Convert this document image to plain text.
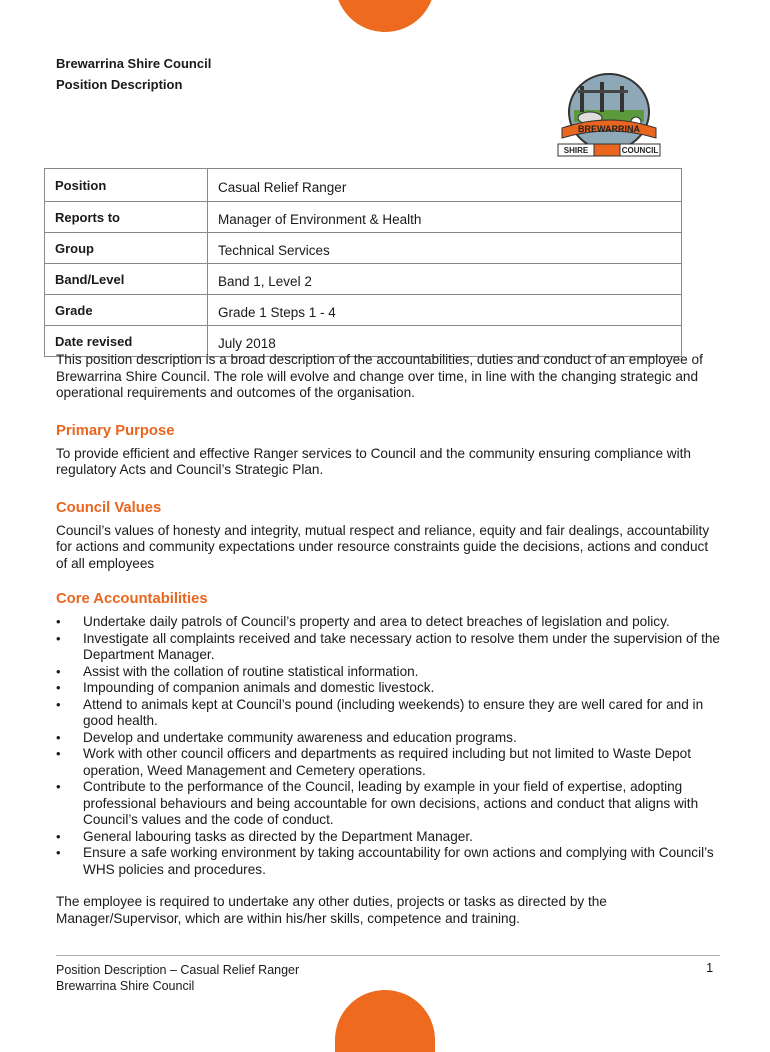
Brewarrina Shire Council
Position Description
BREWARRINA
SHIRE	COUNCIL
Position	Casual Relief Ranger
Reports to	Manager of Environment & Health
Group	Technical Services
Band/Level	Band 1, Level 2
Grade	Grade 1 Steps 1 - 4
Date revised	July 2018

This position description is a broad description of the accountabilities, duties and conduct of an employee of Brewarrina Shire Council. The role will evolve and change over time, in line with the changing strategic and operational requirements and outcomes of the organisation.

Primary Purpose

To provide efficient and effective Ranger services to Council and the community ensuring compliance with regulatory Acts and Council’s Strategic Plan.

Council Values

Council’s values of honesty and integrity, mutual respect and reliance, equity and fair dealings, accountability for actions and community expectations under resource constraints guide the decisions, actions and conduct of all employees

Core Accountabilities
• Undertake daily patrols of Council’s property and area to detect breaches of legislation and policy.
• Investigate all complaints received and take necessary action to resolve them under the supervision of the Department Manager.
• Assist with the collation of routine statistical information.
• Impounding of companion animals and domestic livestock.
• Attend to animals kept at Council’s pound (including weekends) to ensure they are well cared for and in good health.
• Develop and undertake community awareness and education programs.
• Work with other council officers and departments as required including but not limited to Waste Depot operation, Weed Management and Cemetery operations.
• Contribute to the performance of the Council, leading by example in your field of expertise, adopting professional behaviours and being accountable for own decisions, actions and conduct that aligns with Council’s values and the code of conduct.
• General labouring tasks as directed by the Department Manager.
• Ensure a safe working environment by taking accountability for own actions and complying with Council’s WHS policies and procedures.

The employee is required to undertake any other duties, projects or tasks as directed by the Manager/Supervisor, which are within his/her skills, competence and training.

Position Description – Casual Relief Ranger
Brewarrina Shire Council
1
